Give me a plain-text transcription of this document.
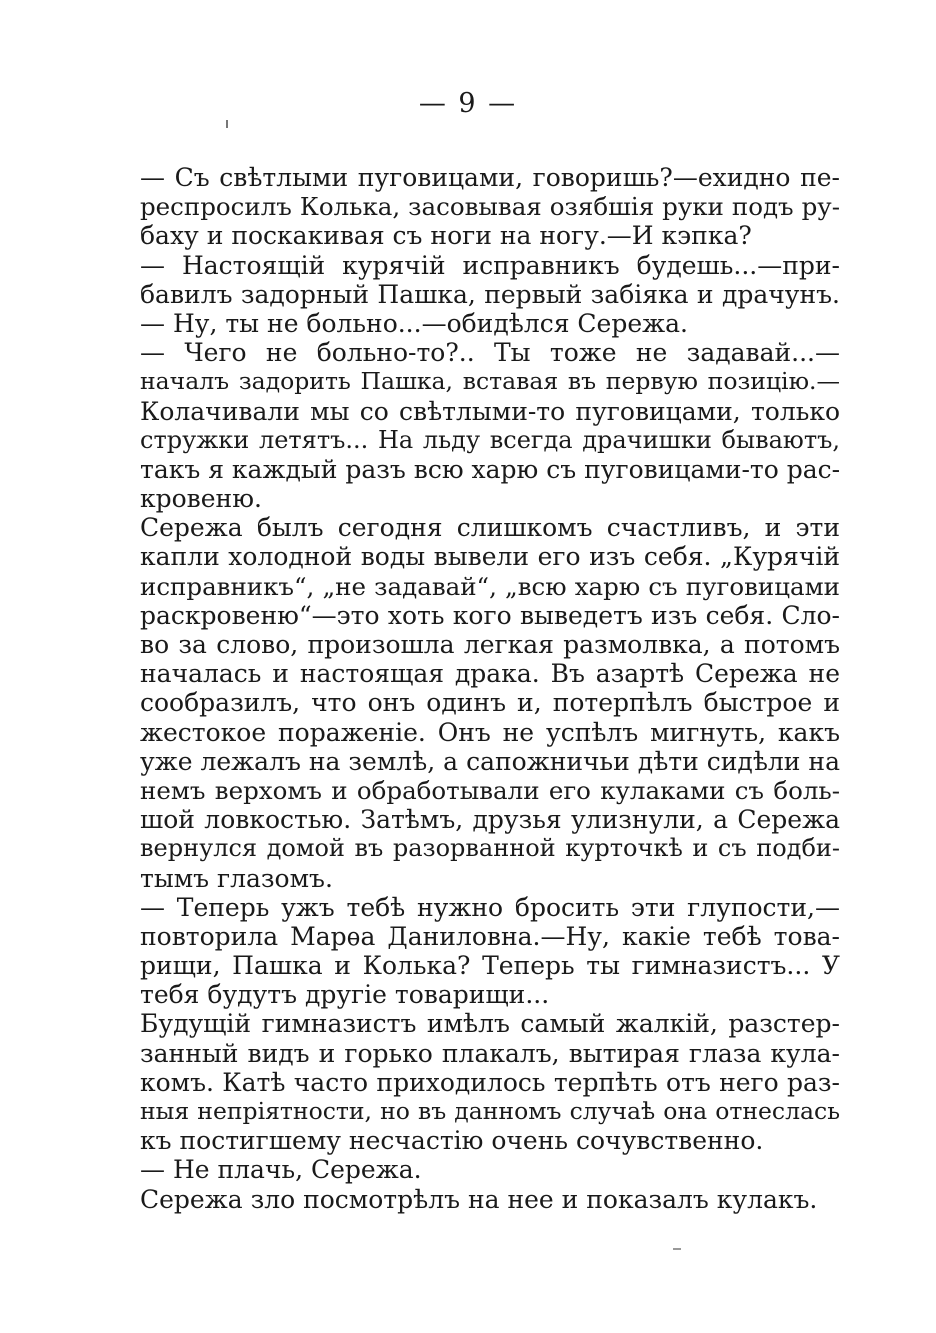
— 9 —
— Съ свѣтлыми пуговицами, говоришь?—ехидно пе-
респросилъ Колька, засовывая озябшія руки подъ ру-
баху и поскакивая съ ноги на ногу.—И кэпка?
— Настоящій курячій исправникъ будешь...—при-
бавилъ задорный Пашка, первый забіяка и драчунъ.
— Ну, ты не больно...—обидѣлся Сережа.
— Чего не больно-то?.. Ты тоже не задавай...—
началъ задорить Пашка, вставая въ первую позицію.—
Колачивали мы со свѣтлыми-то пуговицами, только
стружки летятъ... На льду всегда драчишки бываютъ,
такъ я каждый разъ всю харю съ пуговицами-то рас-
кровеню.
Сережа былъ сегодня слишкомъ счастливъ, и эти
капли холодной воды вывели его изъ себя. „Курячій
исправникъ“, „не задавай“, „всю харю съ пуговицами
раскровеню“—это хоть кого выведетъ изъ себя. Сло-
во за слово, произошла легкая размолвка, а потомъ
началась и настоящая драка. Въ азартѣ Сережа не
сообразилъ, что онъ одинъ и, потерпѣлъ быстрое и
жестокое пораженіе. Онъ не успѣлъ мигнуть, какъ
уже лежалъ на землѣ, а сапожничьи дѣти сидѣли на
немъ верхомъ и обработывали его кулаками съ боль-
шой ловкостью. Затѣмъ, друзья улизнули, а Сережа
вернулся домой въ разорванной курточкѣ и съ подби-
тымъ глазомъ.
— Теперь ужъ тебѣ нужно бросить эти глупости,—
повторила Марѳа Даниловна.—Ну, какіе тебѣ това-
рищи, Пашка и Колька? Теперь ты гимназистъ... У
тебя будутъ другіе товарищи...
Будущій гимназистъ имѣлъ самый жалкій, разстер-
занный видъ и горько плакалъ, вытирая глаза кула-
комъ. Катѣ часто приходилось терпѣть отъ него раз-
ныя непріятности, но въ данномъ случаѣ она отнеслась
къ постигшему несчастію очень сочувственно.
— Не плачь, Сережа.
Сережа зло посмотрѣлъ на нее и показалъ кулакъ.
